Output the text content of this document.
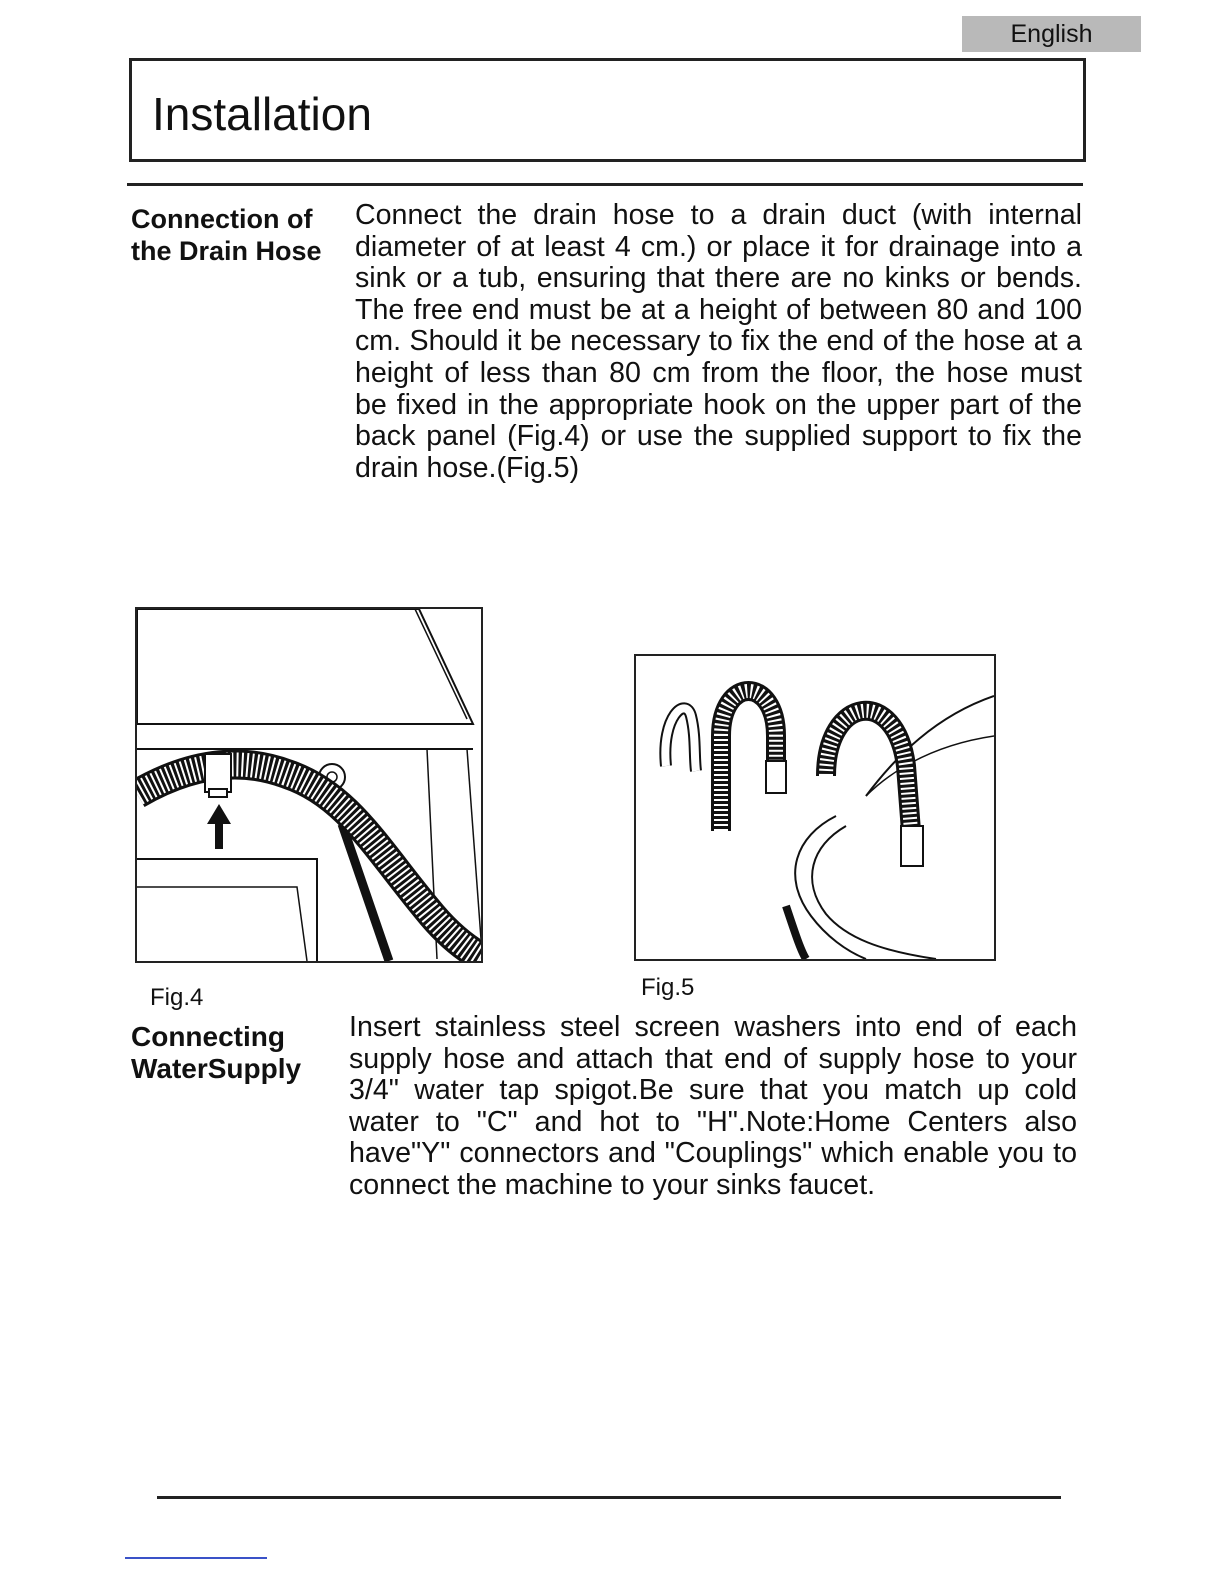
English
Installation

Connection of
the Drain Hose

Connect the drain hose to a drain duct (with internal diameter of at least 4 cm.) or place it for drainage into a sink or a tub, ensuring that there are no kinks or bends. The free end must be at a height of between 80 and 100 cm. Should it be necessary to fix the end of the hose at a height of less than 80 cm from the floor, the hose must be fixed in the appropriate hook on the upper part of the back panel (Fig.4) or use the supplied support to fix the drain hose.(Fig.5)

Fig.4	Fig.5

Connecting
WaterSupply

Insert stainless steel screen washers into end of each supply hose and attach that end of supply hose to your 3/4" water tap spigot.Be sure that you match up cold water to "C" and hot to "H".Note:Home Centers also have"Y" connectors and "Couplings" which enable you to connect the machine to your sinks faucet.
